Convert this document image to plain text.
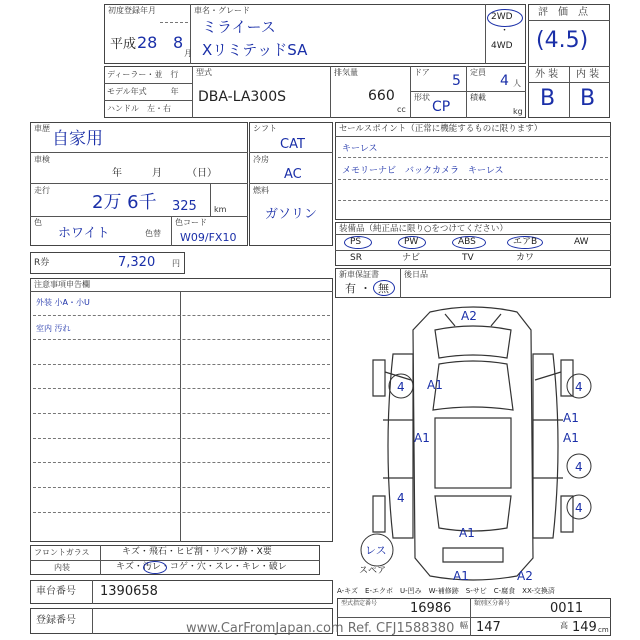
初度登録年月	車名・グレード
平成 28 8
月
ミライース
XリミテッドSA
2WD
・
4WD
評　価　点
(4.5)
外 装 内 装
B B
ディーラー・並　行
モデル年式　　　年
ハンドル　左・右
型式
DBA-LA300S
排気量
660
cc
ドア
5
定員
4 人
形状
CP
積載
kg
車歴
自家用
車検
年　　　月　　　（日）
走行
2万 6千 325 km
色
ホワイト	色替
色コード
W09/FX10
シフト
CAT
冷房
AC
燃料
ガソリン
R券	7,320 円
セールスポイント（正常に機能するものに限ります）
キーレス
メモリーナビ　バックカメラ　キーレス
装備品（純正品に限り○をつけてください）
PS	PW	ABS	エアB	AW
SR	ナビ	TV	カワ
新車保証書
有 ・ 無
後日品
注意事項申告欄
外装 小A・小U
室内 汚れ
A2
4 A1	4
A1	A1
A1
4
4
4
A1
A1	A2
レス
スペア
A-キズ　E-エクボ　U-凹み　W-補修跡　S-サビ　C-腐食　XX-交換済
フロントガラス	キズ・飛石・ヒビ割・リペア跡・X要
内装	キズ・汚レ・コゲ・穴・スレ・キレ・破レ
車台番号 1390658
登録番号
型式指定番号	16986	類別区分番号	0011
幅 147	高 149 cm
www.CarFromJapan.com Ref. CFJ1588380
